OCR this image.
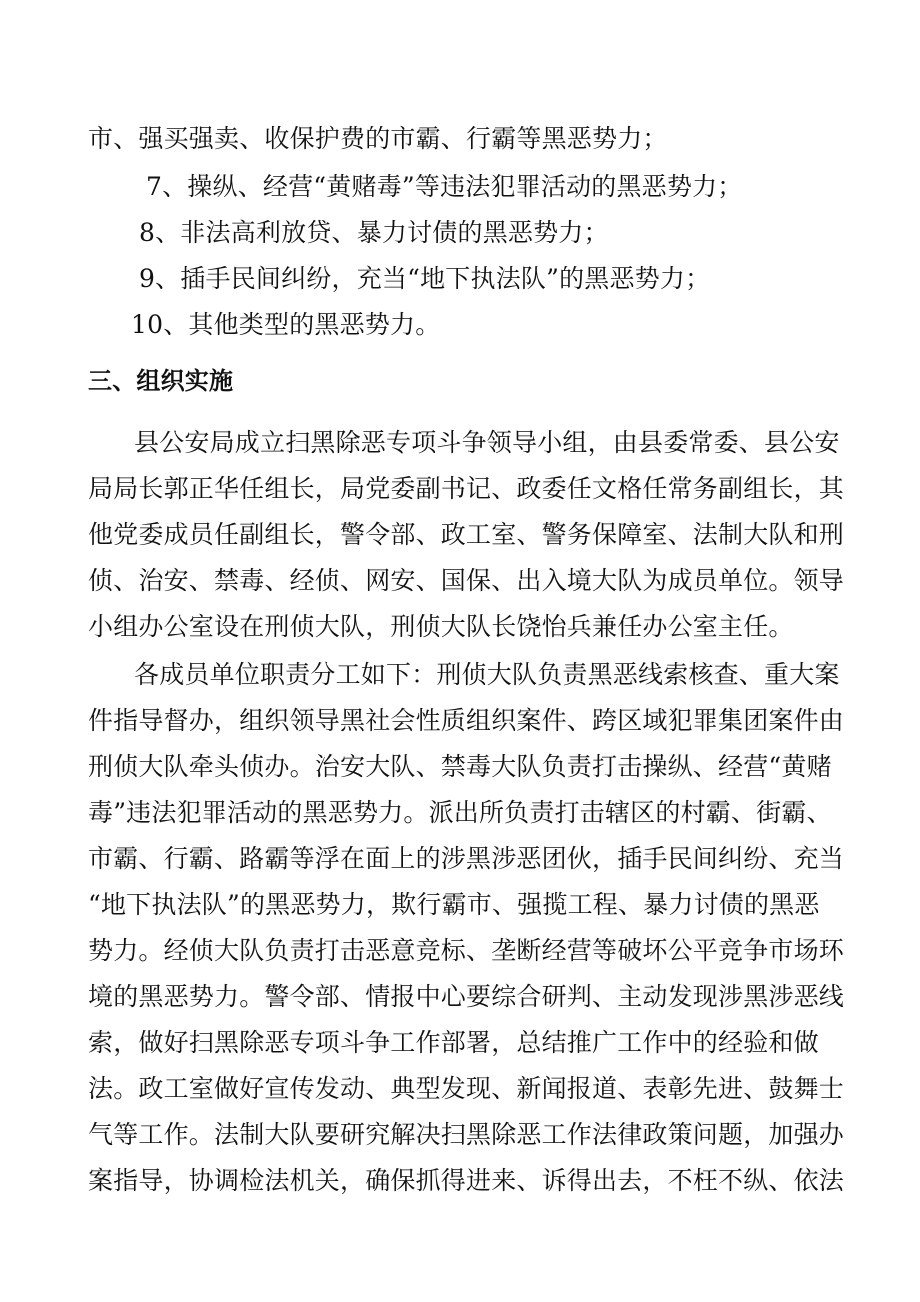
市、强买强卖、收保护费的市霸、行霸等黑恶势力；
7、操纵、经营“黄赌毒”等违法犯罪活动的黑恶势力；
8、非法高利放贷、暴力讨债的黑恶势力；
9、插手民间纠纷，充当“地下执法队”的黑恶势力；
10、其他类型的黑恶势力。
三、组织实施
县公安局成立扫黑除恶专项斗争领导小组，由县委常委、县公安
局局长郭正华任组长，局党委副书记、政委任文格任常务副组长，其
他党委成员任副组长，警令部、政工室、警务保障室、法制大队和刑
侦、治安、禁毒、经侦、网安、国保、出入境大队为成员单位。领导
小组办公室设在刑侦大队，刑侦大队长饶怡兵兼任办公室主任。
各成员单位职责分工如下：刑侦大队负责黑恶线索核查、重大案
件指导督办，组织领导黑社会性质组织案件、跨区域犯罪集团案件由
刑侦大队牵头侦办。治安大队、禁毒大队负责打击操纵、经营“黄赌
毒”违法犯罪活动的黑恶势力。派出所负责打击辖区的村霸、街霸、
市霸、行霸、路霸等浮在面上的涉黑涉恶团伙，插手民间纠纷、充当
“地下执法队”的黑恶势力，欺行霸市、强揽工程、暴力讨债的黑恶
势力。经侦大队负责打击恶意竞标、垄断经营等破坏公平竞争市场环
境的黑恶势力。警令部、情报中心要综合研判、主动发现涉黑涉恶线
索，做好扫黑除恶专项斗争工作部署，总结推广工作中的经验和做
法。政工室做好宣传发动、典型发现、新闻报道、表彰先进、鼓舞士
气等工作。法制大队要研究解决扫黑除恶工作法律政策问题，加强办
案指导，协调检法机关，确保抓得进来、诉得出去，不枉不纵、依法
